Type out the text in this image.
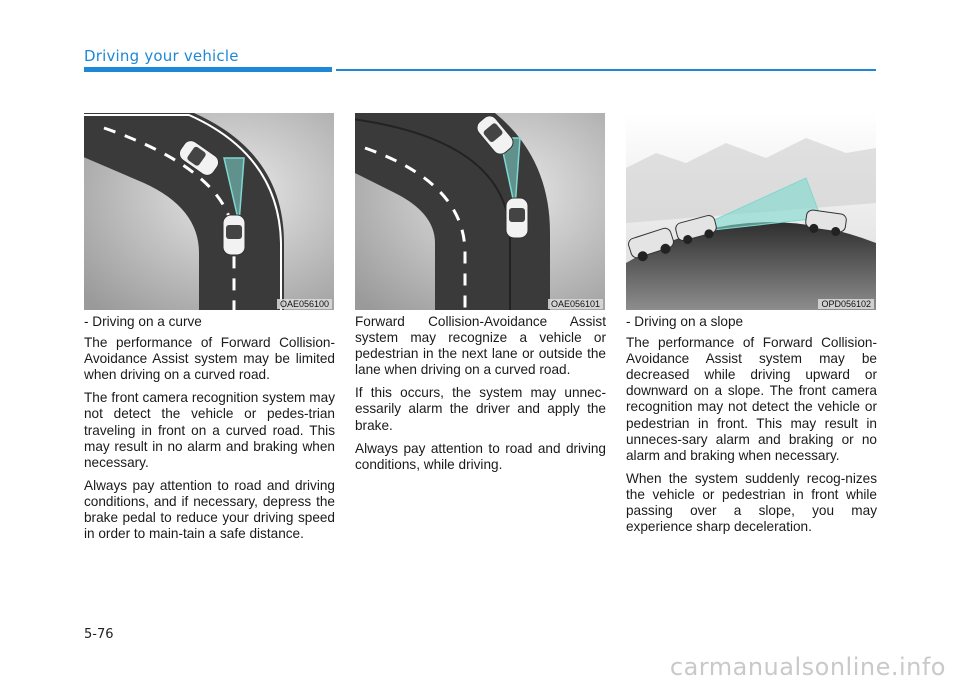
Driving your vehicle
OAE056100	OAE056101	OPD056102

- Driving on a curve

The performance of Forward Collision-Avoidance Assist system may be limited when driving on a curved road.

The front camera recognition system may not detect the vehicle or pedes-trian traveling in front on a curved road. This may result in no alarm and braking when necessary.

Always pay attention to road and driving conditions, and if necessary, depress the brake pedal to reduce your driving speed in order to main-tain a safe distance.

Forward Collision-Avoidance Assist system may recognize a vehicle or pedestrian in the next lane or outside the lane when driving on a curved road.

If this occurs, the system may unnec-essarily alarm the driver and apply the brake.

Always pay attention to road and driving conditions, while driving.

- Driving on a slope

The performance of Forward Collision-Avoidance Assist system may be decreased while driving upward or downward on a slope. The front camera recognition may not detect the vehicle or pedestrian in front. This may result in unneces-sary alarm and braking or no alarm and braking when necessary.

When the system suddenly recog-nizes the vehicle or pedestrian in front while passing over a slope, you may experience sharp deceleration.

5-76
carmanualsonline.info
